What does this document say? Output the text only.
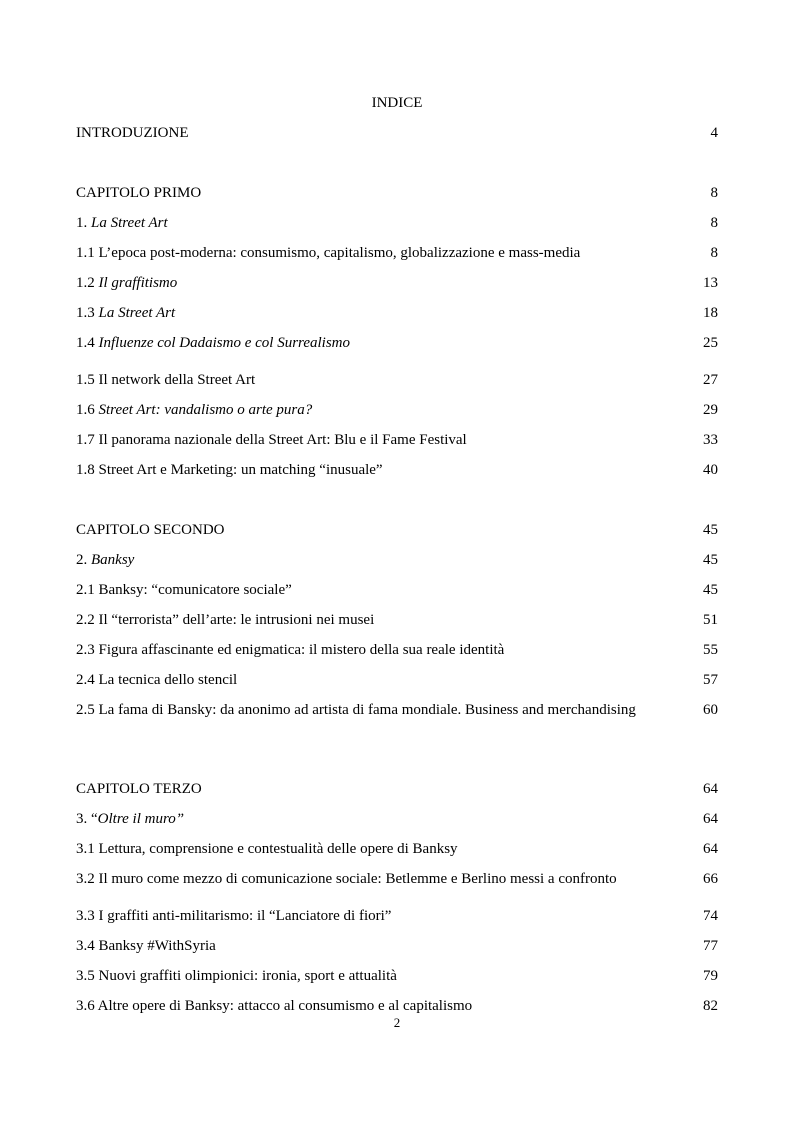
INDICE
INTRODUZIONE	4
CAPITOLO PRIMO	8
1. La Street Art	8
1.1 L’epoca post-moderna: consumismo, capitalismo, globalizzazione e mass-media	8
1.2 Il graffitismo	13
1.3 La Street Art	18
1.4 Influenze col Dadaismo e col Surrealismo	25
1.5 Il network della Street Art	27
1.6 Street Art: vandalismo o arte pura?	29
1.7 Il panorama nazionale della Street Art: Blu e il Fame Festival	33
1.8 Street Art e Marketing: un matching “inusuale”	40
CAPITOLO SECONDO	45
2. Banksy	45
2.1 Banksy: “comunicatore sociale”	45
2.2 Il “terrorista” dell’arte: le intrusioni nei musei	51
2.3 Figura affascinante ed enigmatica: il mistero della sua reale identità	55
2.4 La tecnica dello stencil	57
2.5 La fama di Bansky: da anonimo ad artista di fama mondiale. Business and merchandising	60
CAPITOLO TERZO	64
3. “Oltre il muro”	64
3.1 Lettura, comprensione e contestualità delle opere di Banksy	64
3.2 Il muro come mezzo di comunicazione sociale: Betlemme e Berlino messi a confronto	66
3.3 I graffiti anti-militarismo: il “Lanciatore di fiori”	74
3.4 Banksy #WithSyria	77
3.5 Nuovi graffiti olimpionici: ironia, sport e attualità	79
3.6 Altre opere di Banksy: attacco al consumismo e al capitalismo	82
2
